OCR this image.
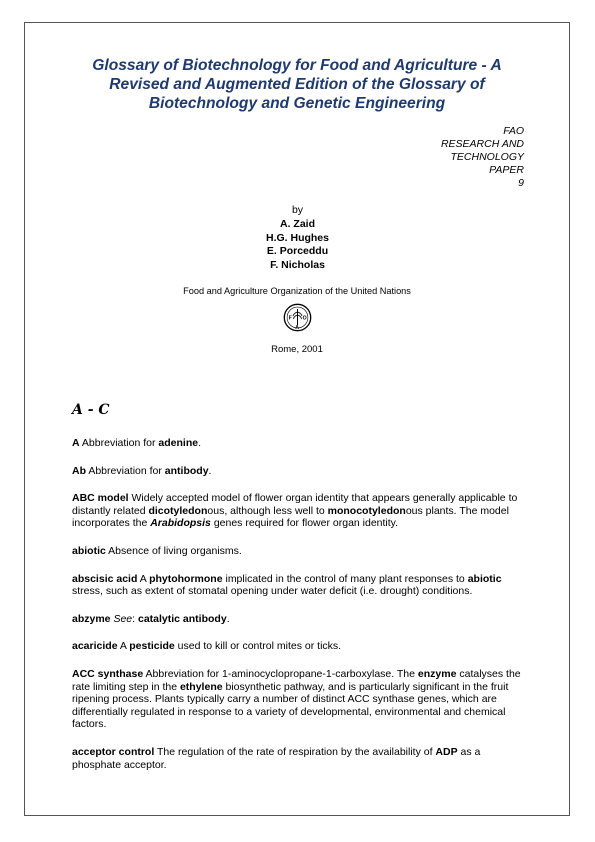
Glossary of Biotechnology for Food and Agriculture - A Revised and Augmented Edition of the Glossary of Biotechnology and Genetic Engineering
FAO
RESEARCH AND
TECHNOLOGY
PAPER
9
by
A. Zaid
H.G. Hughes
E. Porceddu
F. Nicholas
Food and Agriculture Organization of the United Nations
F
A
O
Rome, 2001
A - C

A Abbreviation for adenine.

Ab Abbreviation for antibody.

ABC model Widely accepted model of flower organ identity that appears generally applicable to distantly related dicotyledonous, although less well to monocotyledonous plants. The model incorporates the Arabidopsis genes required for flower organ identity.

abiotic Absence of living organisms.

abscisic acid A phytohormone implicated in the control of many plant responses to abiotic stress, such as extent of stomatal opening under water deficit (i.e. drought) conditions.

abzyme See: catalytic antibody.

acaricide A pesticide used to kill or control mites or ticks.

ACC synthase Abbreviation for 1-aminocyclopropane-1-carboxylase. The enzyme catalyses the rate limiting step in the ethylene biosynthetic pathway, and is particularly significant in the fruit ripening process. Plants typically carry a number of distinct ACC synthase genes, which are differentially regulated in response to a variety of developmental, environmental and chemical factors.

acceptor control The regulation of the rate of respiration by the availability of ADP as a phosphate acceptor.
